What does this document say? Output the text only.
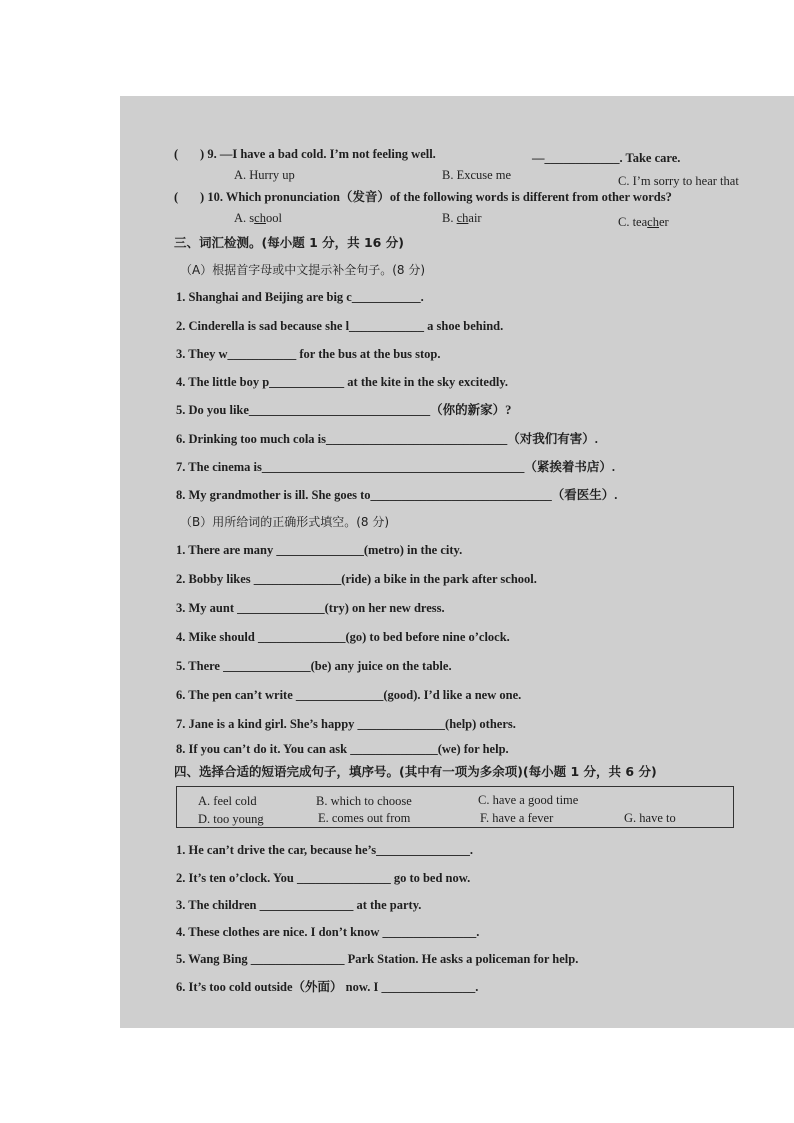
( ) 9. —I have a bad cold. I’m not feeling well.	—____________. Take care.
A. Hurry up	B. Excuse me	C. I’m sorry to hear that
( ) 10. Which pronunciation（发音）of the following words is different from other words?
A. school	B. chair	C. teacher
三、词汇检测。(每小题 1 分，共 16 分)
（A）根据首字母或中文提示补全句子。(8 分)
1. Shanghai and Beijing are big c___________.
2. Cinderella is sad because she l____________ a shoe behind.
3. They w___________ for the bus at the bus stop.
4. The little boy p____________ at the kite in the sky excitedly.
5. Do you like_____________________________（你的新家）?
6. Drinking too much cola is_____________________________（对我们有害）.
7. The cinema is__________________________________________（紧挨着书店）.
8. My grandmother is ill. She goes to_____________________________（看医生）.
（B）用所给词的正确形式填空。(8 分)
1. There are many ______________(metro) in the city.
2. Bobby likes ______________(ride) a bike in the park after school.
3. My aunt ______________(try) on her new dress.
4. Mike should ______________(go) to bed before nine o’clock.
5. There ______________(be) any juice on the table.
6. The pen can’t write ______________(good). I’d like a new one.
7. Jane is a kind girl. She’s happy ______________(help) others.
8. If you can’t do it. You can ask ______________(we) for help.
四、选择合适的短语完成句子，填序号。(其中有一项为多余项)(每小题 1 分，共 6 分)
A. feel cold	B. which to choose	C. have a good time
D. too young	E. comes out from	F. have a fever	G. have to
1. He can’t drive the car, because he’s_______________.
2. It’s ten o’clock. You _______________ go to bed now.
3. The children _______________ at the party.
4. These clothes are nice. I don’t know _______________.
5. Wang Bing _______________ Park Station. He asks a policeman for help.
6. It’s too cold outside（外面） now. I _______________.
